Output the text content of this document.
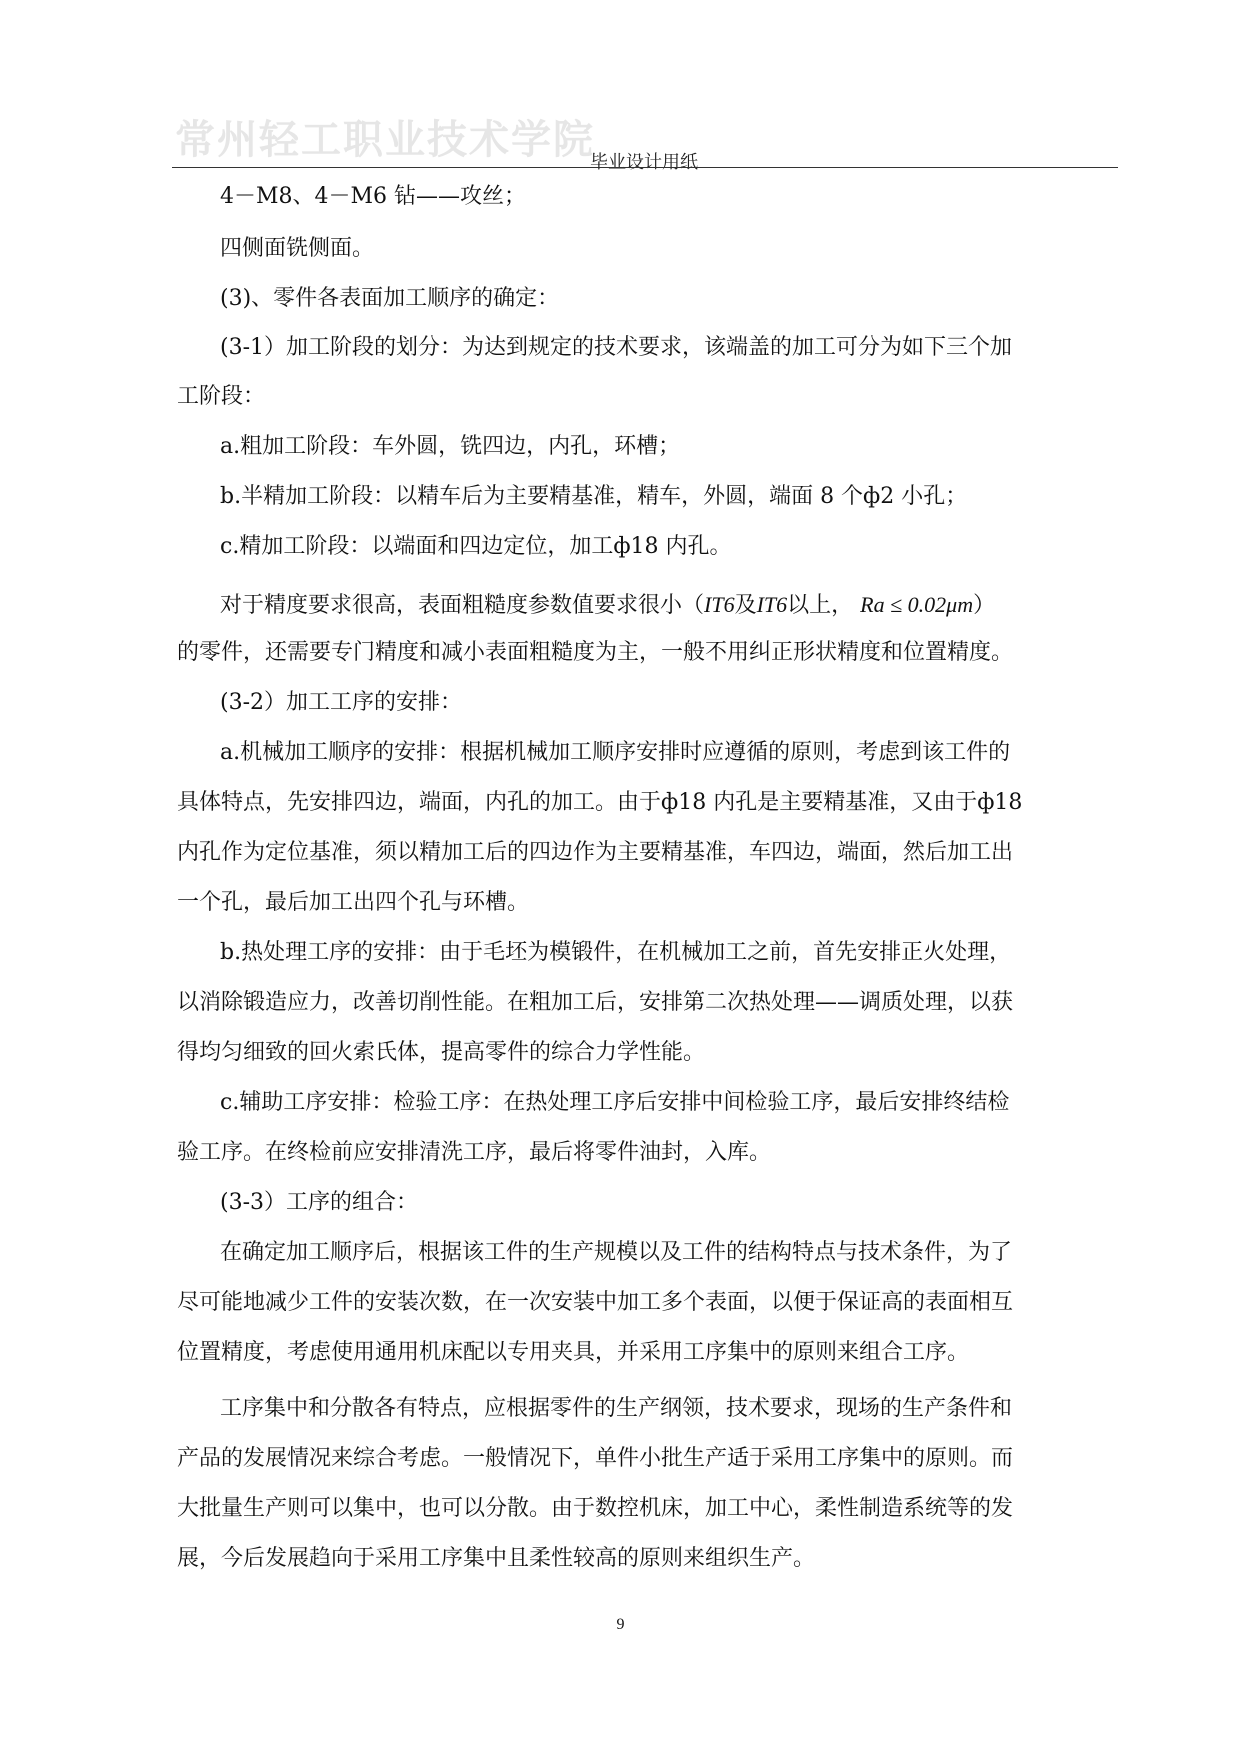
常州轻工职业技术学院
毕业设计用纸
4－M8、4－M6 钻——攻丝；
四侧面铣侧面。
(3)、零件各表面加工顺序的确定：
(3-1）加工阶段的划分：为达到规定的技术要求，该端盖的加工可分为如下三个加
工阶段：
a.粗加工阶段：车外圆，铣四边，内孔，环槽；
b.半精加工阶段：以精车后为主要精基准，精车，外圆，端面 8 个ф2 小孔；
c.精加工阶段：以端面和四边定位，加工ф18 内孔。
对于精度要求很高，表面粗糙度参数值要求很小（IT6及IT6以上， Ra ≤ 0.02μm）
的零件，还需要专门精度和减小表面粗糙度为主，一般不用纠正形状精度和位置精度。
(3-2）加工工序的安排：
a.机械加工顺序的安排：根据机械加工顺序安排时应遵循的原则，考虑到该工件的
具体特点，先安排四边，端面，内孔的加工。由于ф18 内孔是主要精基准，又由于ф18
内孔作为定位基准，须以精加工后的四边作为主要精基准，车四边，端面，然后加工出
一个孔，最后加工出四个孔与环槽。
b.热处理工序的安排：由于毛坯为模锻件，在机械加工之前，首先安排正火处理，
以消除锻造应力，改善切削性能。在粗加工后，安排第二次热处理——调质处理，以获
得均匀细致的回火索氏体，提高零件的综合力学性能。
c.辅助工序安排：检验工序：在热处理工序后安排中间检验工序，最后安排终结检
验工序。在终检前应安排清洗工序，最后将零件油封，入库。
(3-3）工序的组合：
在确定加工顺序后，根据该工件的生产规模以及工件的结构特点与技术条件，为了
尽可能地减少工件的安装次数，在一次安装中加工多个表面，以便于保证高的表面相互
位置精度，考虑使用通用机床配以专用夹具，并采用工序集中的原则来组合工序。
工序集中和分散各有特点，应根据零件的生产纲领，技术要求，现场的生产条件和
产品的发展情况来综合考虑。一般情况下，单件小批生产适于采用工序集中的原则。而
大批量生产则可以集中，也可以分散。由于数控机床，加工中心，柔性制造系统等的发
展，今后发展趋向于采用工序集中且柔性较高的原则来组织生产。
9
